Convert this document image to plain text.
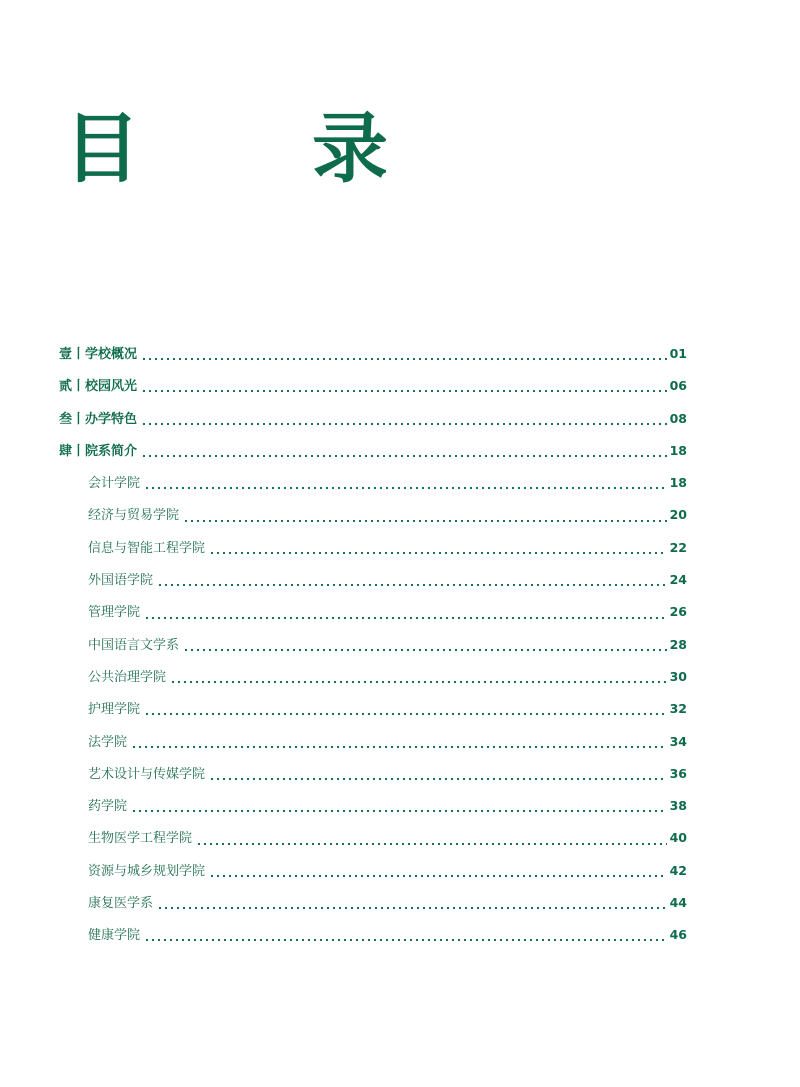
目　录
壹丨学校概况	01
贰丨校园风光	06
叁丨办学特色	08
肆丨院系简介	18
会计学院	18
经济与贸易学院	20
信息与智能工程学院	22
外国语学院	24
管理学院	26
中国语言文学系	28
公共治理学院	30
护理学院	32
法学院	34
艺术设计与传媒学院	36
药学院	38
生物医学工程学院	40
资源与城乡规划学院	42
康复医学系	44
健康学院	46
